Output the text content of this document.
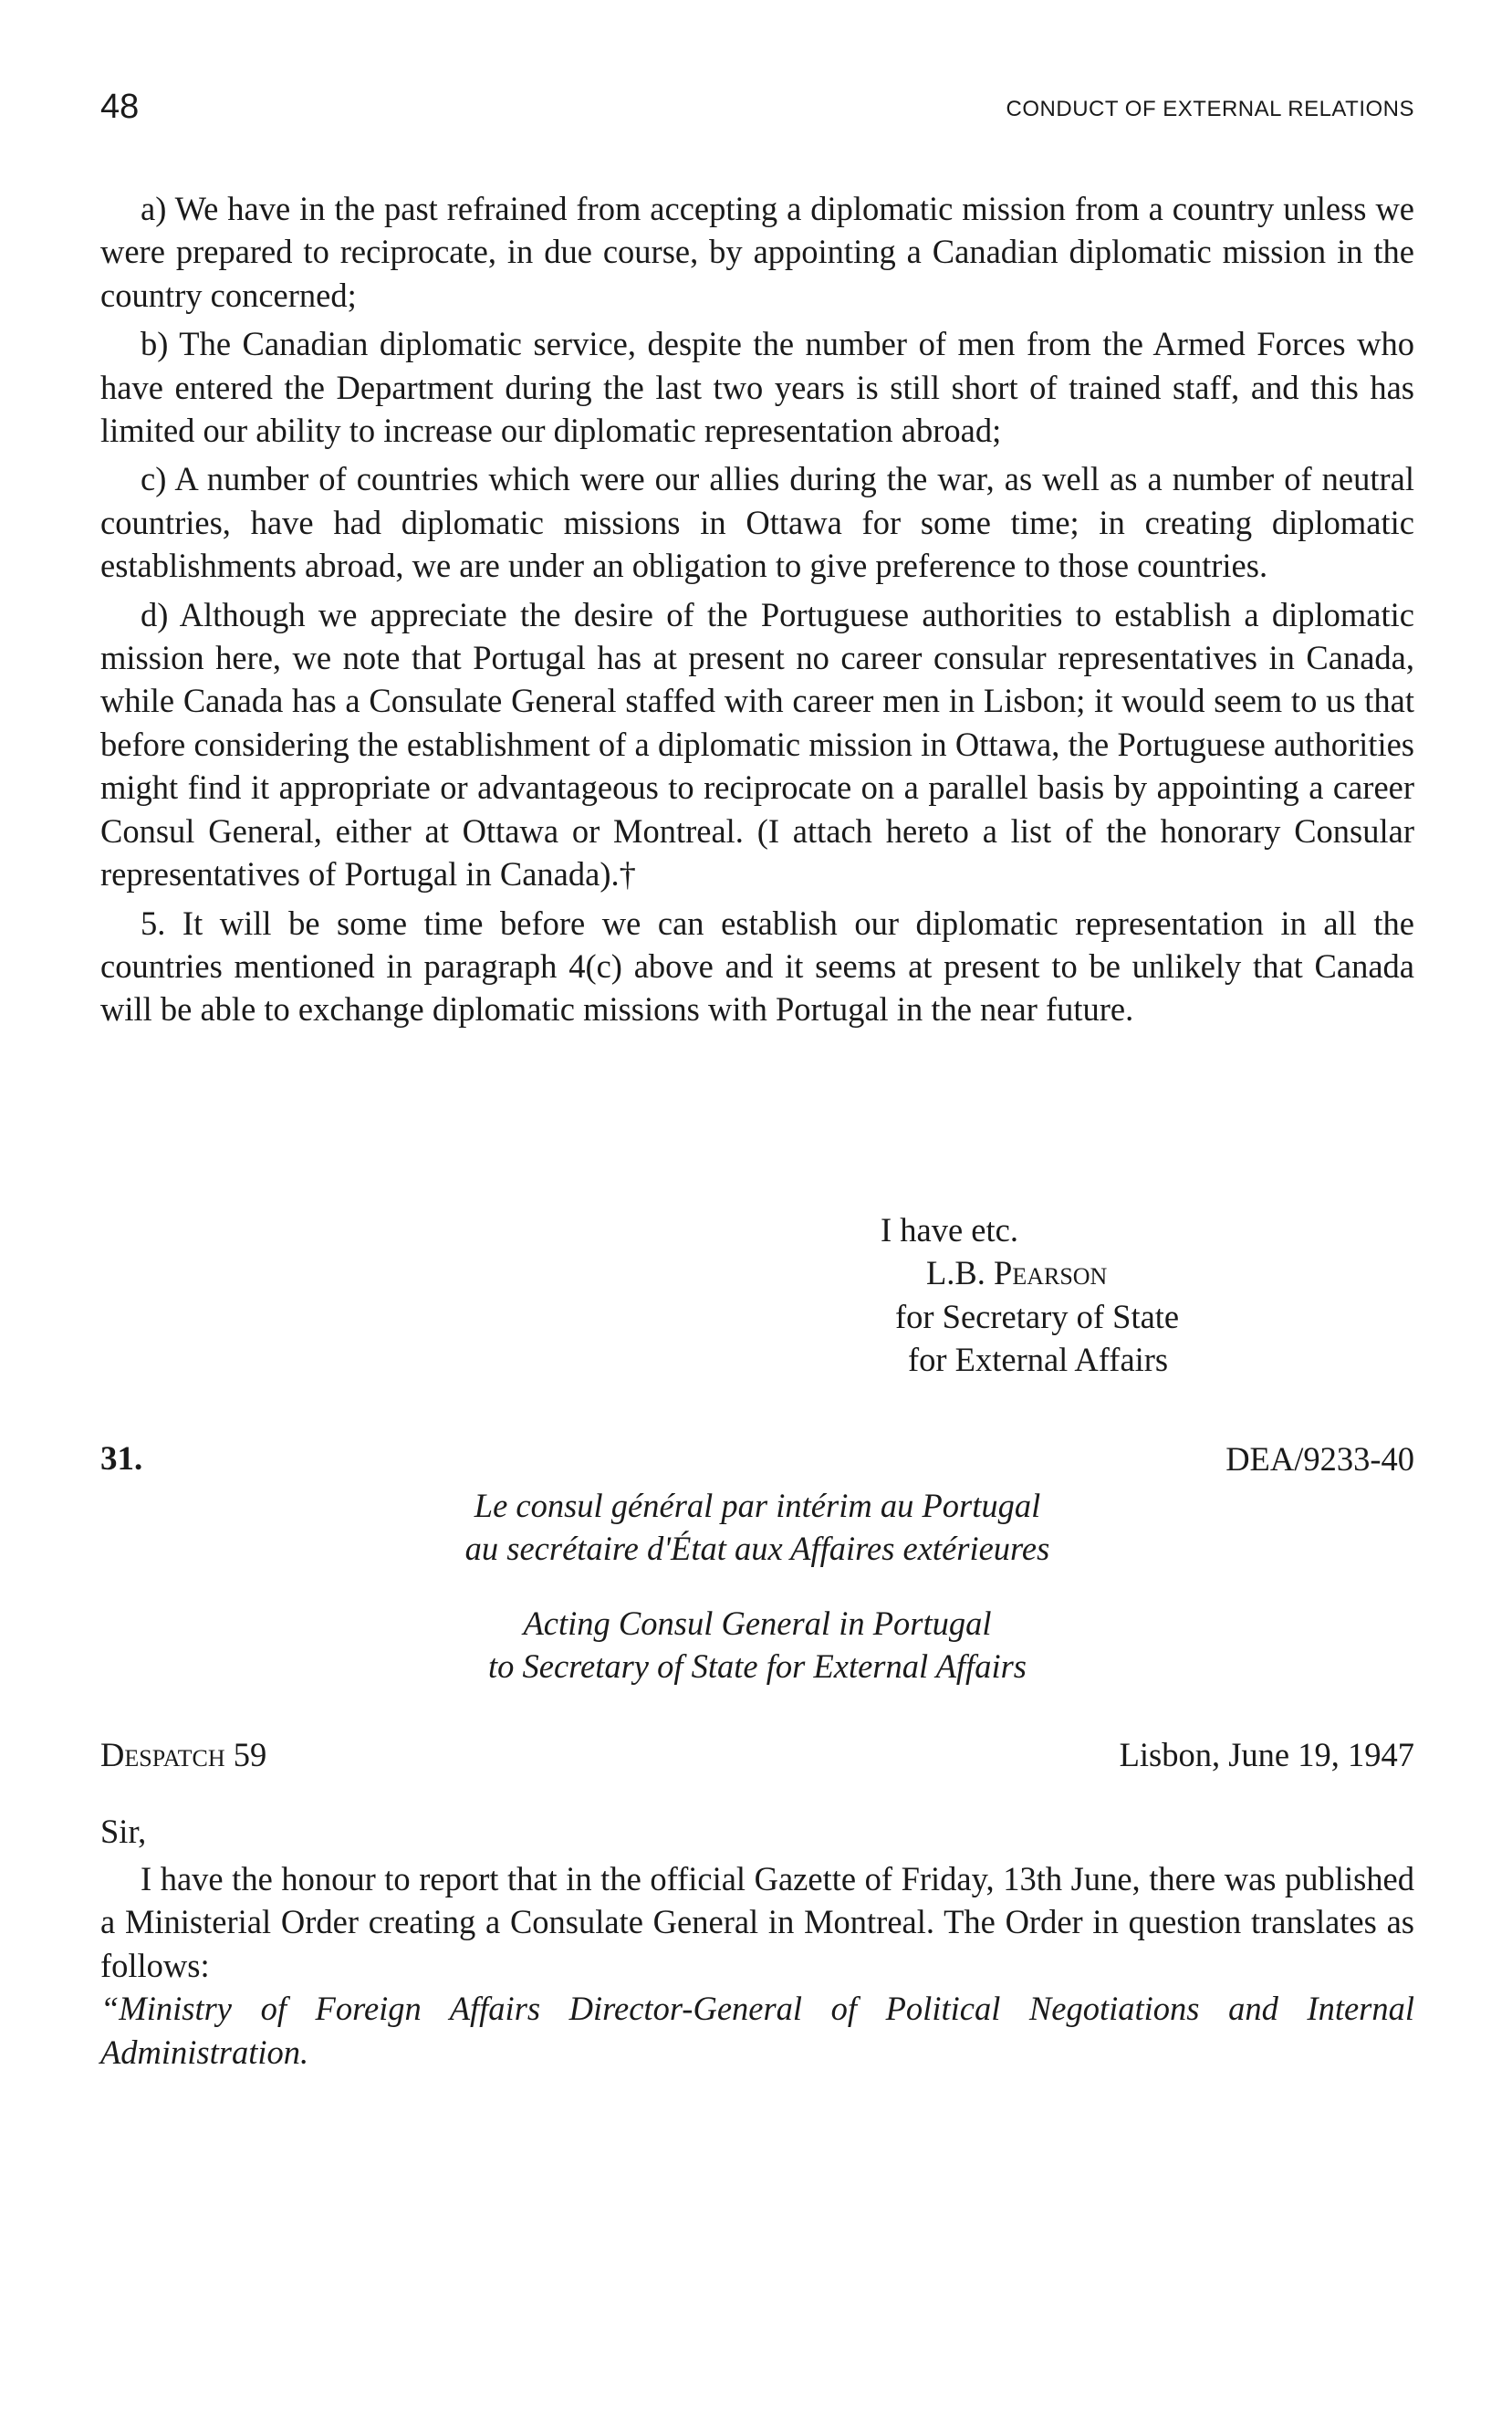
48	CONDUCT OF EXTERNAL RELATIONS

a) We have in the past refrained from accepting a diplomatic mission from a country unless we were prepared to reciprocate, in due course, by appointing a Canadian diplomatic mission in the country concerned;

b) The Canadian diplomatic service, despite the number of men from the Armed Forces who have entered the Department during the last two years is still short of trained staff, and this has limited our ability to increase our diplomatic representation abroad;

c) A number of countries which were our allies during the war, as well as a number of neutral countries, have had diplomatic missions in Ottawa for some time; in creating diplomatic establishments abroad, we are under an obligation to give preference to those countries.

d) Although we appreciate the desire of the Portuguese authorities to establish a diplomatic mission here, we note that Portugal has at present no career consular representatives in Canada, while Canada has a Consulate General staffed with career men in Lisbon; it would seem to us that before considering the establishment of a diplomatic mission in Ottawa, the Portuguese authorities might find it appropriate or advantageous to reciprocate on a parallel basis by appointing a career Consul General, either at Ottawa or Montreal. (I attach hereto a list of the honorary Consular representatives of Portugal in Canada).†

5. It will be some time before we can establish our diplomatic representation in all the countries mentioned in paragraph 4(c) above and it seems at present to be unlikely that Canada will be able to exchange diplomatic missions with Portugal in the near future.

I have etc.
L.B. Pearson
for Secretary of State
for External Affairs
31.	DEA/9233-40
Le consul général par intérim au Portugal
au secrétaire d'État aux Affaires extérieures
Acting Consul General in Portugal
to Secretary of State for External Affairs
Despatch 59	Lisbon, June 19, 1947
Sir,

I have the honour to report that in the official Gazette of Friday, 13th June, there was published a Ministerial Order creating a Consulate General in Montreal. The Order in question translates as follows:

“Ministry of Foreign Affairs Director-General of Political Negotiations and Internal Administration.
